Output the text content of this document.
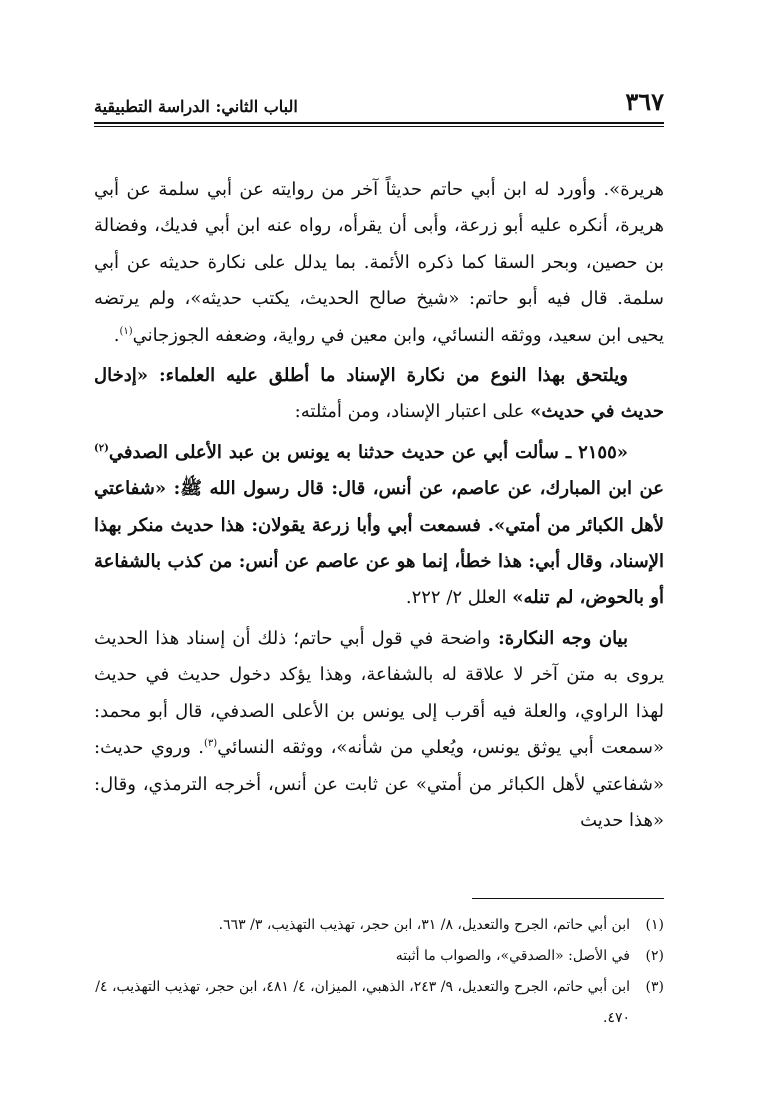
الباب الثاني: الدراسة التطبيقية	٣٦٧

هريرة». وأورد له ابن أبي حاتم حديثاً آخر من روايته عن أبي سلمة عن أبي هريرة، أنكره عليه أبو زرعة، وأبى أن يقرأه، رواه عنه ابن أبي فديك، وفضالة بن حصين، وبحر السقا كما ذكره الأئمة. بما يدلل على نكارة حديثه عن أبي سلمة. قال فيه أبو حاتم: «شيخ صالح الحديث، يكتب حديثه»، ولم يرتضه يحيى ابن سعيد، ووثقه النسائي، وابن معين في رواية، وضعفه الجوزجاني$^{(١)}$.

ويلتحق بهذا النوع من نكارة الإسناد ما أطلق عليه العلماء: «إدخال حديث في حديث» على اعتبار الإسناد، ومن أمثلته:

«٢١٥٥ ـ سألت أبي عن حديث حدثنا به يونس بن عبد الأعلى الصدفي$^{(٢)}$ عن ابن المبارك، عن عاصم، عن أنس، قال: قال رسول الله ﷺ: «شفاعتي لأهل الكبائر من أمتي». فسمعت أبي وأبا زرعة يقولان: هذا حديث منكر بهذا الإسناد، وقال أبي: هذا خطأ، إنما هو عن عاصم عن أنس: من كذب بالشفاعة أو بالحوض، لم تنله» العلل ٢/ ٢٢٢.

بيان وجه النكارة: واضحة في قول أبي حاتم؛ ذلك أن إسناد هذا الحديث يروى به متن آخر لا علاقة له بالشفاعة، وهذا يؤكد دخول حديث في حديث لهذا الراوي، والعلة فيه أقرب إلى يونس بن الأعلى الصدفي، قال أبو محمد: «سمعت أبي يوثق يونس، ويُعلي من شأنه»، ووثقه النسائي$^{(٣)}$. وروي حديث: «شفاعتي لأهل الكبائر من أمتي» عن ثابت عن أنس، أخرجه الترمذي، وقال: «هذا حديث

(١)
ابن أبي حاتم، الجرح والتعديل، ٨/ ٣١، ابن حجر، تهذيب التهذيب، ٣/ ٦٦٣.

(٢)
في الأصل: «الصدقي»، والصواب ما أثبته

(٣)
ابن أبي حاتم، الجرح والتعديل، ٩/ ٢٤٣، الذهبي، الميزان، ٤/ ٤٨١، ابن حجر، تهذيب التهذيب، ٤/ ٤٧٠.
